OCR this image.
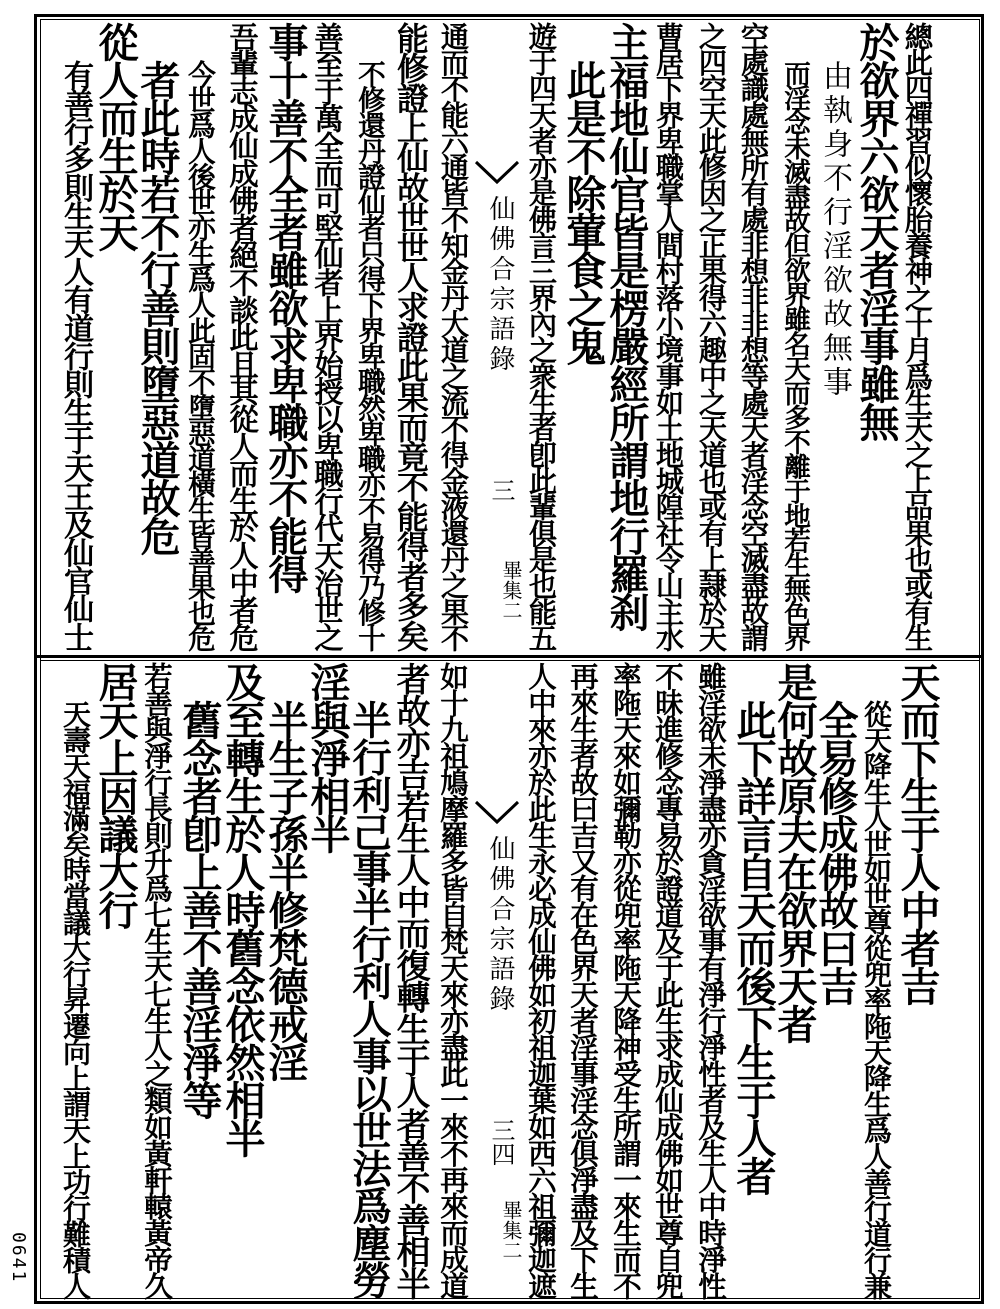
0641
總此四禪習似懷胎養神之十月爲生天之上品果也或有生
於欲界六欲天者淫事雖無
由執身不行淫欲故無事
而淫念未滅盡故但欲界雖名天而多不離于地若生無色界
空處識處無所有處非想非非想等處天者淫念空滅盡故謂
之四空天此修因之正果得六趣中之天道也或有上隷於天
曹居下界卑職掌人間村落小境事如土地城隍社令山主水
主福地仙官皆是楞嚴經所謂地行羅刹
此是不除葷食之鬼
仙佛合宗語錄
三
畢集二 遊于四天者亦是佛言三界內之衆生者卽此輩俱是也能五
通而不能六通皆不知金丹大道之流不得金液還丹之果不
能修證上仙故世世人求證此果而竟不能得者多矣
不修還丹證仙者只得下界卑職然卑職亦不易得乃修十
善至于萬全而可堅仙者上界始授以卑職行代天治世之
事十善不全者雖欲求卑職亦不能得
吾輩志成仙成佛者絕不談此且其從人而生於人中者危
今世爲人後世亦生爲人此固不墮惡道橫生皆善果也危
者此時若不行善則墮惡道故危
從人而生於天
有善行多則生天人有道行則生于天王及仙官仙士
天而下生于人中者吉
從天降生人世如世尊從兜率陁天降生爲人善行道行兼
全易修成佛故曰吉
是何故原夫在欲界天者
此下詳言自天而後下生于人者
雖淫欲未淨盡亦貪淫欲事有淨行淨性者及生人中時淨性
不昧進修念專易於證道及于此生求成仙成佛如世尊自兜
率陁天來如彌勒亦從兜率陁天降神受生所謂一來生而不
再來生者故曰吉又有在色界天者淫事淫念俱淨盡及下生
人中來亦於此生永必成仙佛如初祖迦葉如西六祖彌迦遮
仙佛合宗語錄
三四
畢集二
如十九祖鳩摩羅多皆自梵天來亦盡此一來不再來而成道
者故亦吉若生人中而復轉生于人者善不善相半
半行利己事半行利人事以世法爲塵勞
淫與淨相半
半生子孫半修梵德戒淫
及至轉生於人時舊念依然相半
舊念者卽上善不善淫淨等
若善與淨行長則升爲七生天七生人之類如黃軒轅黃帝久
居天上因議大行
天壽天福滿矣時當議大行昇遷向上謂天上功行難積人
